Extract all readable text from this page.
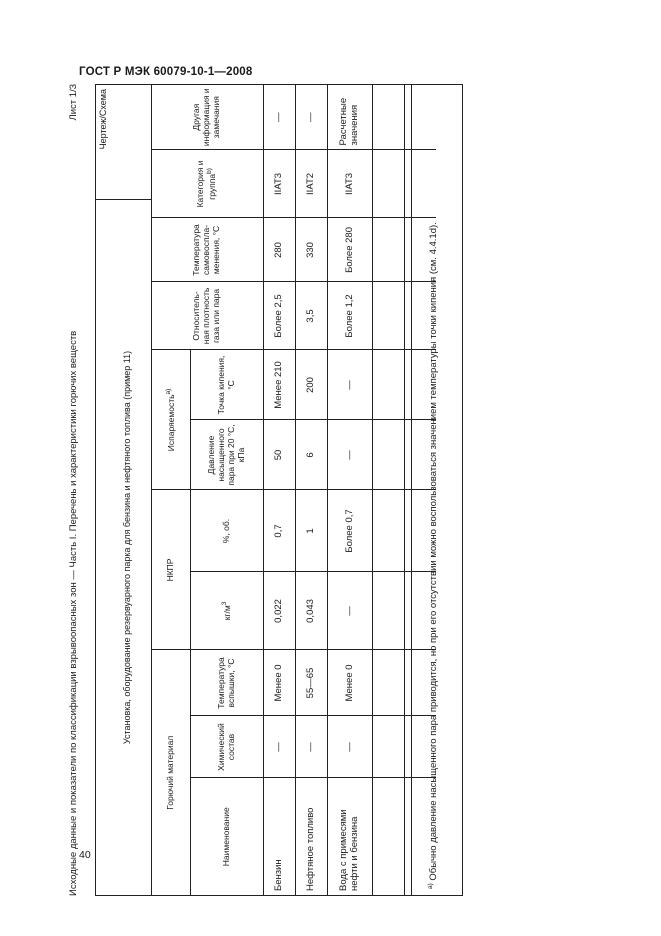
ГОСТ Р МЭК 60079-10-1—2008
40
Исходные данные и показатели по классификации взрывоопасных зон — Часть I. Перечень и характеристики горючих веществ
Лист 1/3
Установка, оборудование резервуарного парка для бензина и нефтяного топлива (пример 11)
Чертеж/Схема
Горючий материал			НКПР		Испаряемость$^{а)}$		Относитель-ная плотность газа или пара	Температура самовоспла-менения, °С	Категория и группа$^{b)}$	Другая информация и замечания
Наименование	Химический состав	Температура вспышки, °С	$кг/м^3$	%, об.	Давление насыщенного пара при 20 °С, кПа	Точка кипения, °С				
Бензин	—	Менее 0	0,022	0,7	50	Менее 210	Более 2,5	280	IIAT3	—
Нефтяное топливо	—	55—65	0,043	1	6	200	3,5	330	IIAT2	—
Вода с примесями нефти и бензина	—	Менее 0	—	Более 0,7	—	—	Более 1,2	Более 280	IIAT3	Расчетные значения

$^{а)}$ Обычно давление насыщенного пара приводится, но при его отсутствии можно воспользоваться значением температуры точки кипения (см. 4.4.1d).
